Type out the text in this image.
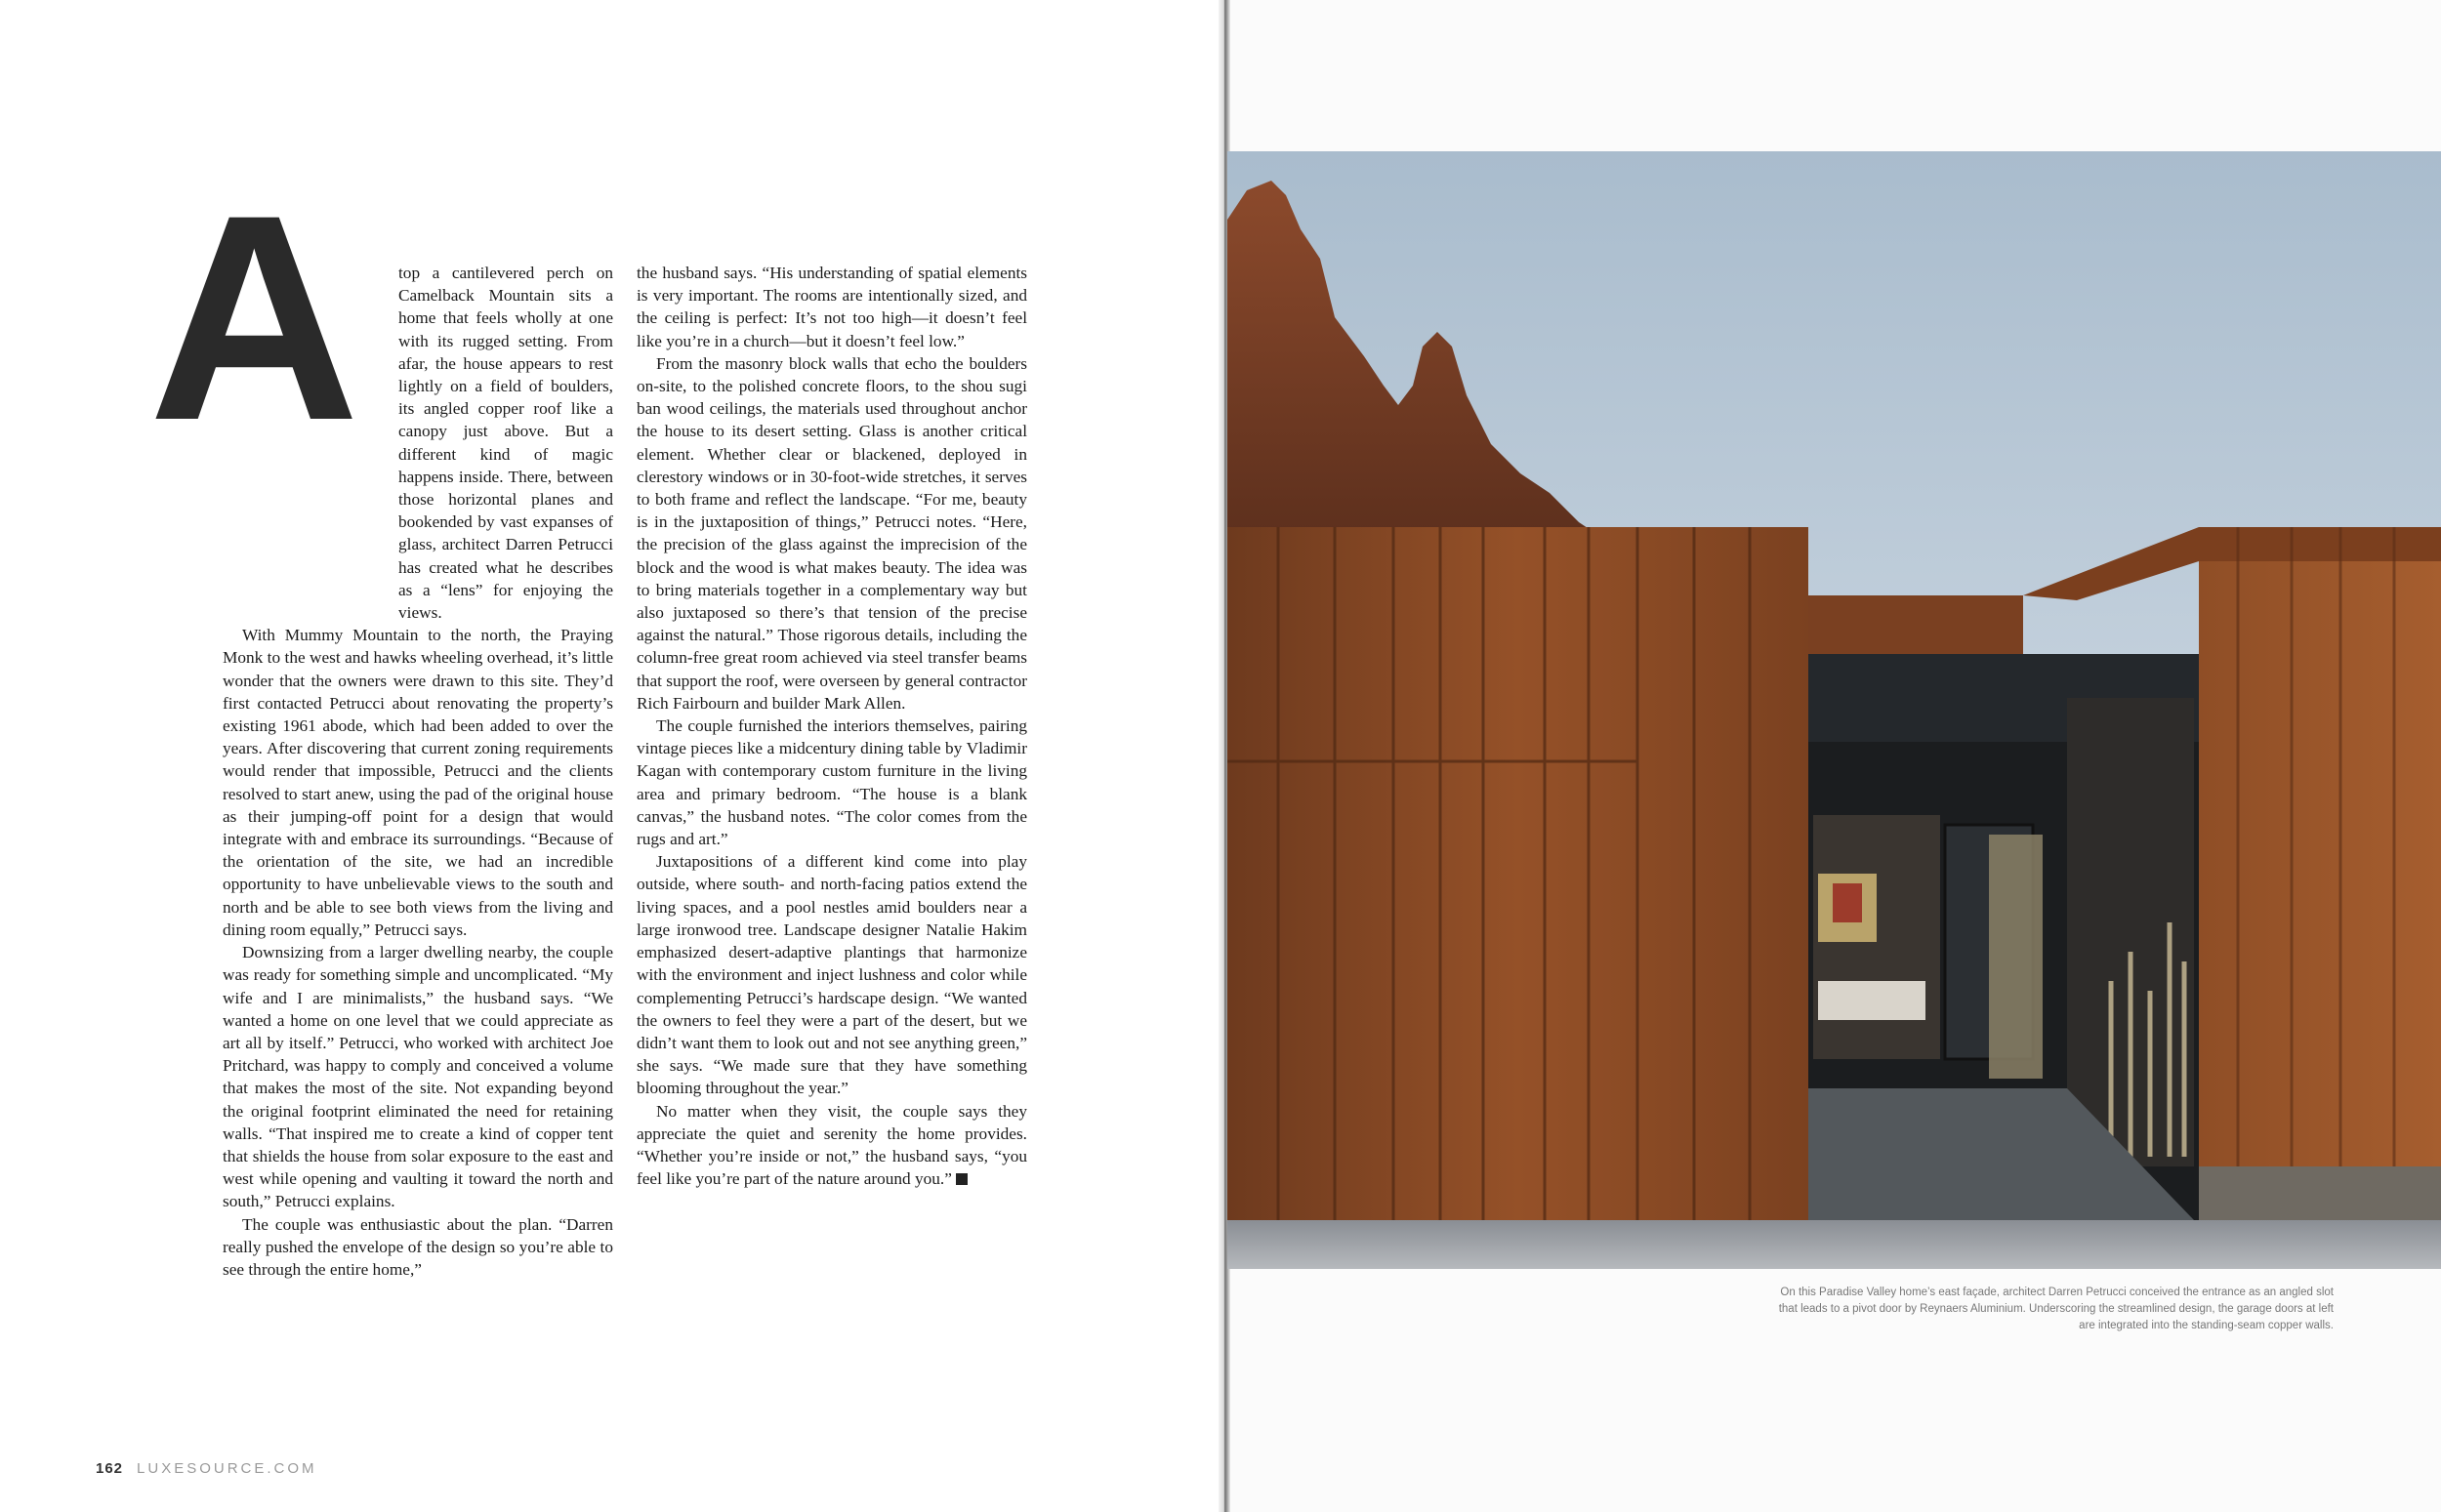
A	top a cantilevered perch on Camelback Mountain sits a home that feels wholly at one with its rugged setting. From afar, the house appears to rest lightly on a field of boulders, its angled copper roof like a canopy just above. But a different kind of magic happens inside. There, between those horizontal planes and bookended by vast expanses of glass, architect Darren Petrucci has created what he describes as a “lens” for enjoying the views.

With Mummy Mountain to the north, the Praying Monk to the west and hawks wheeling overhead, it’s little wonder that the owners were drawn to this site. They’d first contacted Petrucci about renovating the property’s existing 1961 abode, which had been added to over the years. After discovering that current zoning requirements would render that impossible, Petrucci and the clients resolved to start anew, using the pad of the original house as their jumping-off point for a design that would integrate with and embrace its surroundings. “Because of the orientation of the site, we had an incredible opportunity to have unbelievable views to the south and north and be able to see both views from the living and dining room equally,” Petrucci says.

Downsizing from a larger dwelling nearby, the couple was ready for something simple and uncomplicated. “My wife and I are minimalists,” the husband says. “We wanted a home on one level that we could appreciate as art all by itself.” Petrucci, who worked with architect Joe Pritchard, was happy to comply and conceived a volume that makes the most of the site. Not expanding beyond the original footprint eliminated the need for retaining walls. “That inspired me to create a kind of copper tent that shields the house from solar exposure to the east and west while opening and vaulting it toward the north and south,” Petrucci explains.

The couple was enthusiastic about the plan. “Darren really pushed the envelope of the design so you’re able to see through the entire home,”

the husband says. “His understanding of spatial elements is very important. The rooms are intentionally sized, and the ceiling is perfect: It’s not too high—it doesn’t feel like you’re in a church—but it doesn’t feel low.”

From the masonry block walls that echo the boulders on-site, to the polished concrete floors, to the shou sugi ban wood ceilings, the materials used throughout anchor the house to its desert setting. Glass is another critical element. Whether clear or blackened, deployed in clerestory windows or in 30-foot-wide stretches, it serves to both frame and reflect the landscape. “For me, beauty is in the juxtaposition of things,” Petrucci notes. “Here, the precision of the glass against the imprecision of the block and the wood is what makes beauty. The idea was to bring materials together in a complementary way but also juxtaposed so there’s that tension of the precise against the natural.” Those rigorous details, including the column-free great room achieved via steel transfer beams that support the roof, were overseen by general contractor Rich Fairbourn and builder Mark Allen.

The couple furnished the interiors themselves, pairing vintage pieces like a midcentury dining table by Vladimir Kagan with contemporary custom furniture in the living area and primary bedroom. “The house is a blank canvas,” the husband notes. “The color comes from the rugs and art.”

Juxtapositions of a different kind come into play outside, where south- and north-facing patios extend the living spaces, and a pool nestles amid boulders near a large ironwood tree. Landscape designer Natalie Hakim emphasized desert-adaptive plantings that harmonize with the environment and inject lushness and color while complementing Petrucci’s hardscape design. “We wanted the owners to feel they were a part of the desert, but we didn’t want them to look out and not see anything green,” she says. “We made sure that they have something blooming throughout the year.”

No matter when they visit, the couple says they appreciate the quiet and serenity the home provides. “Whether you’re inside or not,” the husband says, “you feel like you’re part of the nature around you.”

162 LUXESOURCE.COM
On this Paradise Valley home’s east façade, architect Darren Petrucci conceived the entrance as an angled slot that leads to a pivot door by Reynaers Aluminium. Underscoring the streamlined design, the garage doors at left are integrated into the standing-seam copper walls.
